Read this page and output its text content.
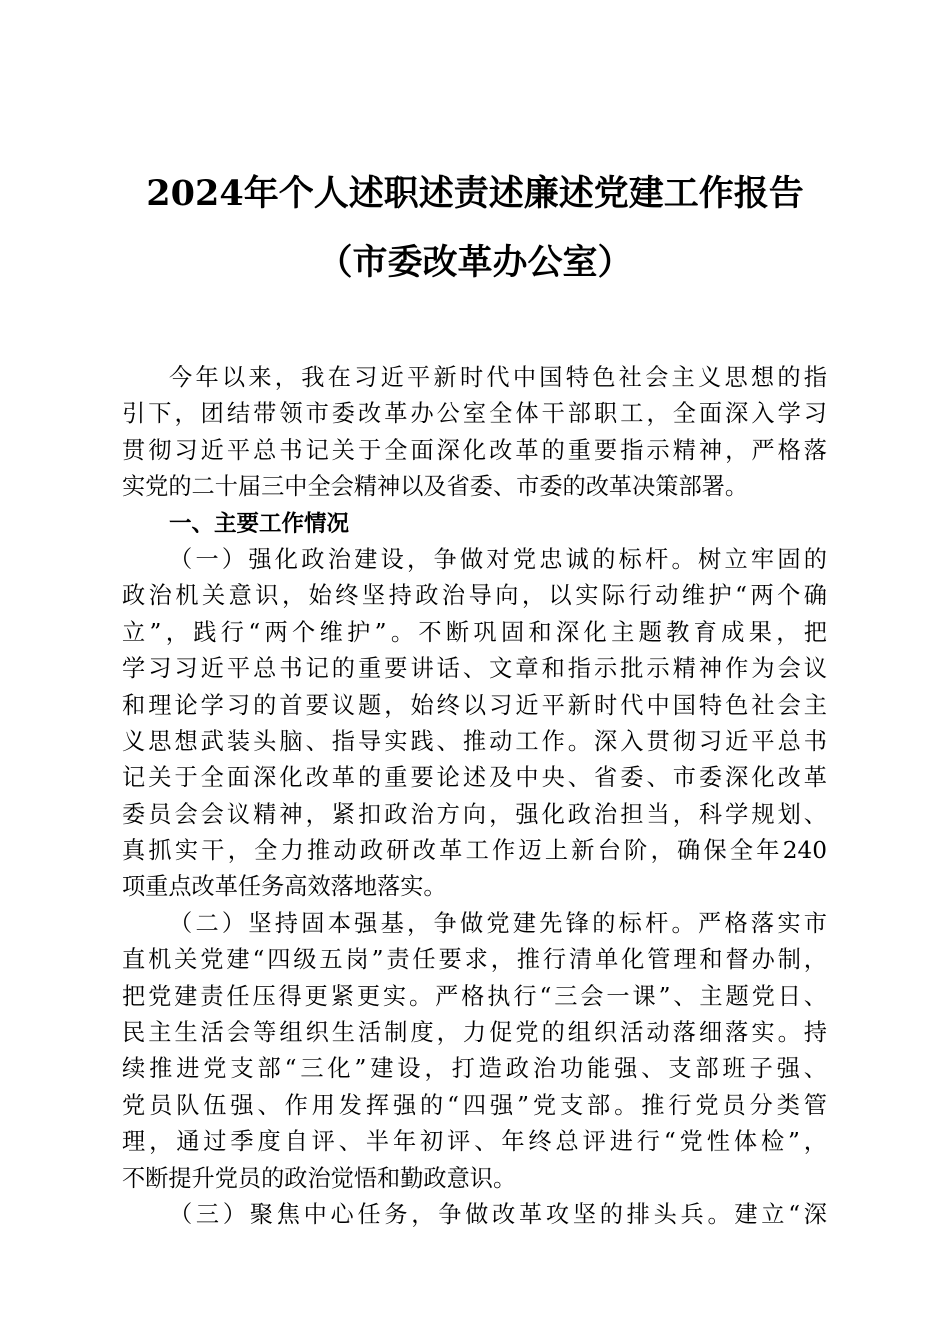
2024年个人述职述责述廉述党建工作报告
（市委改革办公室）
今年以来，我在习近平新时代中国特色社会主义思想的指
引下，团结带领市委改革办公室全体干部职工，全面深入学习
贯彻习近平总书记关于全面深化改革的重要指示精神，严格落
实党的二十届三中全会精神以及省委、市委的改革决策部署。
一、主要工作情况
（一）强化政治建设，争做对党忠诚的标杆。树立牢固的
政治机关意识，始终坚持政治导向，以实际行动维护“两个确
立”，践行“两个维护”。不断巩固和深化主题教育成果，把
学习习近平总书记的重要讲话、文章和指示批示精神作为会议
和理论学习的首要议题，始终以习近平新时代中国特色社会主
义思想武装头脑、指导实践、推动工作。深入贯彻习近平总书
记关于全面深化改革的重要论述及中央、省委、市委深化改革
委员会会议精神，紧扣政治方向，强化政治担当，科学规划、
真抓实干，全力推动政研改革工作迈上新台阶，确保全年240
项重点改革任务高效落地落实。
（二）坚持固本强基，争做党建先锋的标杆。严格落实市
直机关党建“四级五岗”责任要求，推行清单化管理和督办制，
把党建责任压得更紧更实。严格执行“三会一课”、主题党日、
民主生活会等组织生活制度，力促党的组织活动落细落实。持
续推进党支部“三化”建设，打造政治功能强、支部班子强、
党员队伍强、作用发挥强的“四强”党支部。推行党员分类管
理，通过季度自评、半年初评、年终总评进行“党性体检”，
不断提升党员的政治觉悟和勤政意识。
（三）聚焦中心任务，争做改革攻坚的排头兵。建立“深
